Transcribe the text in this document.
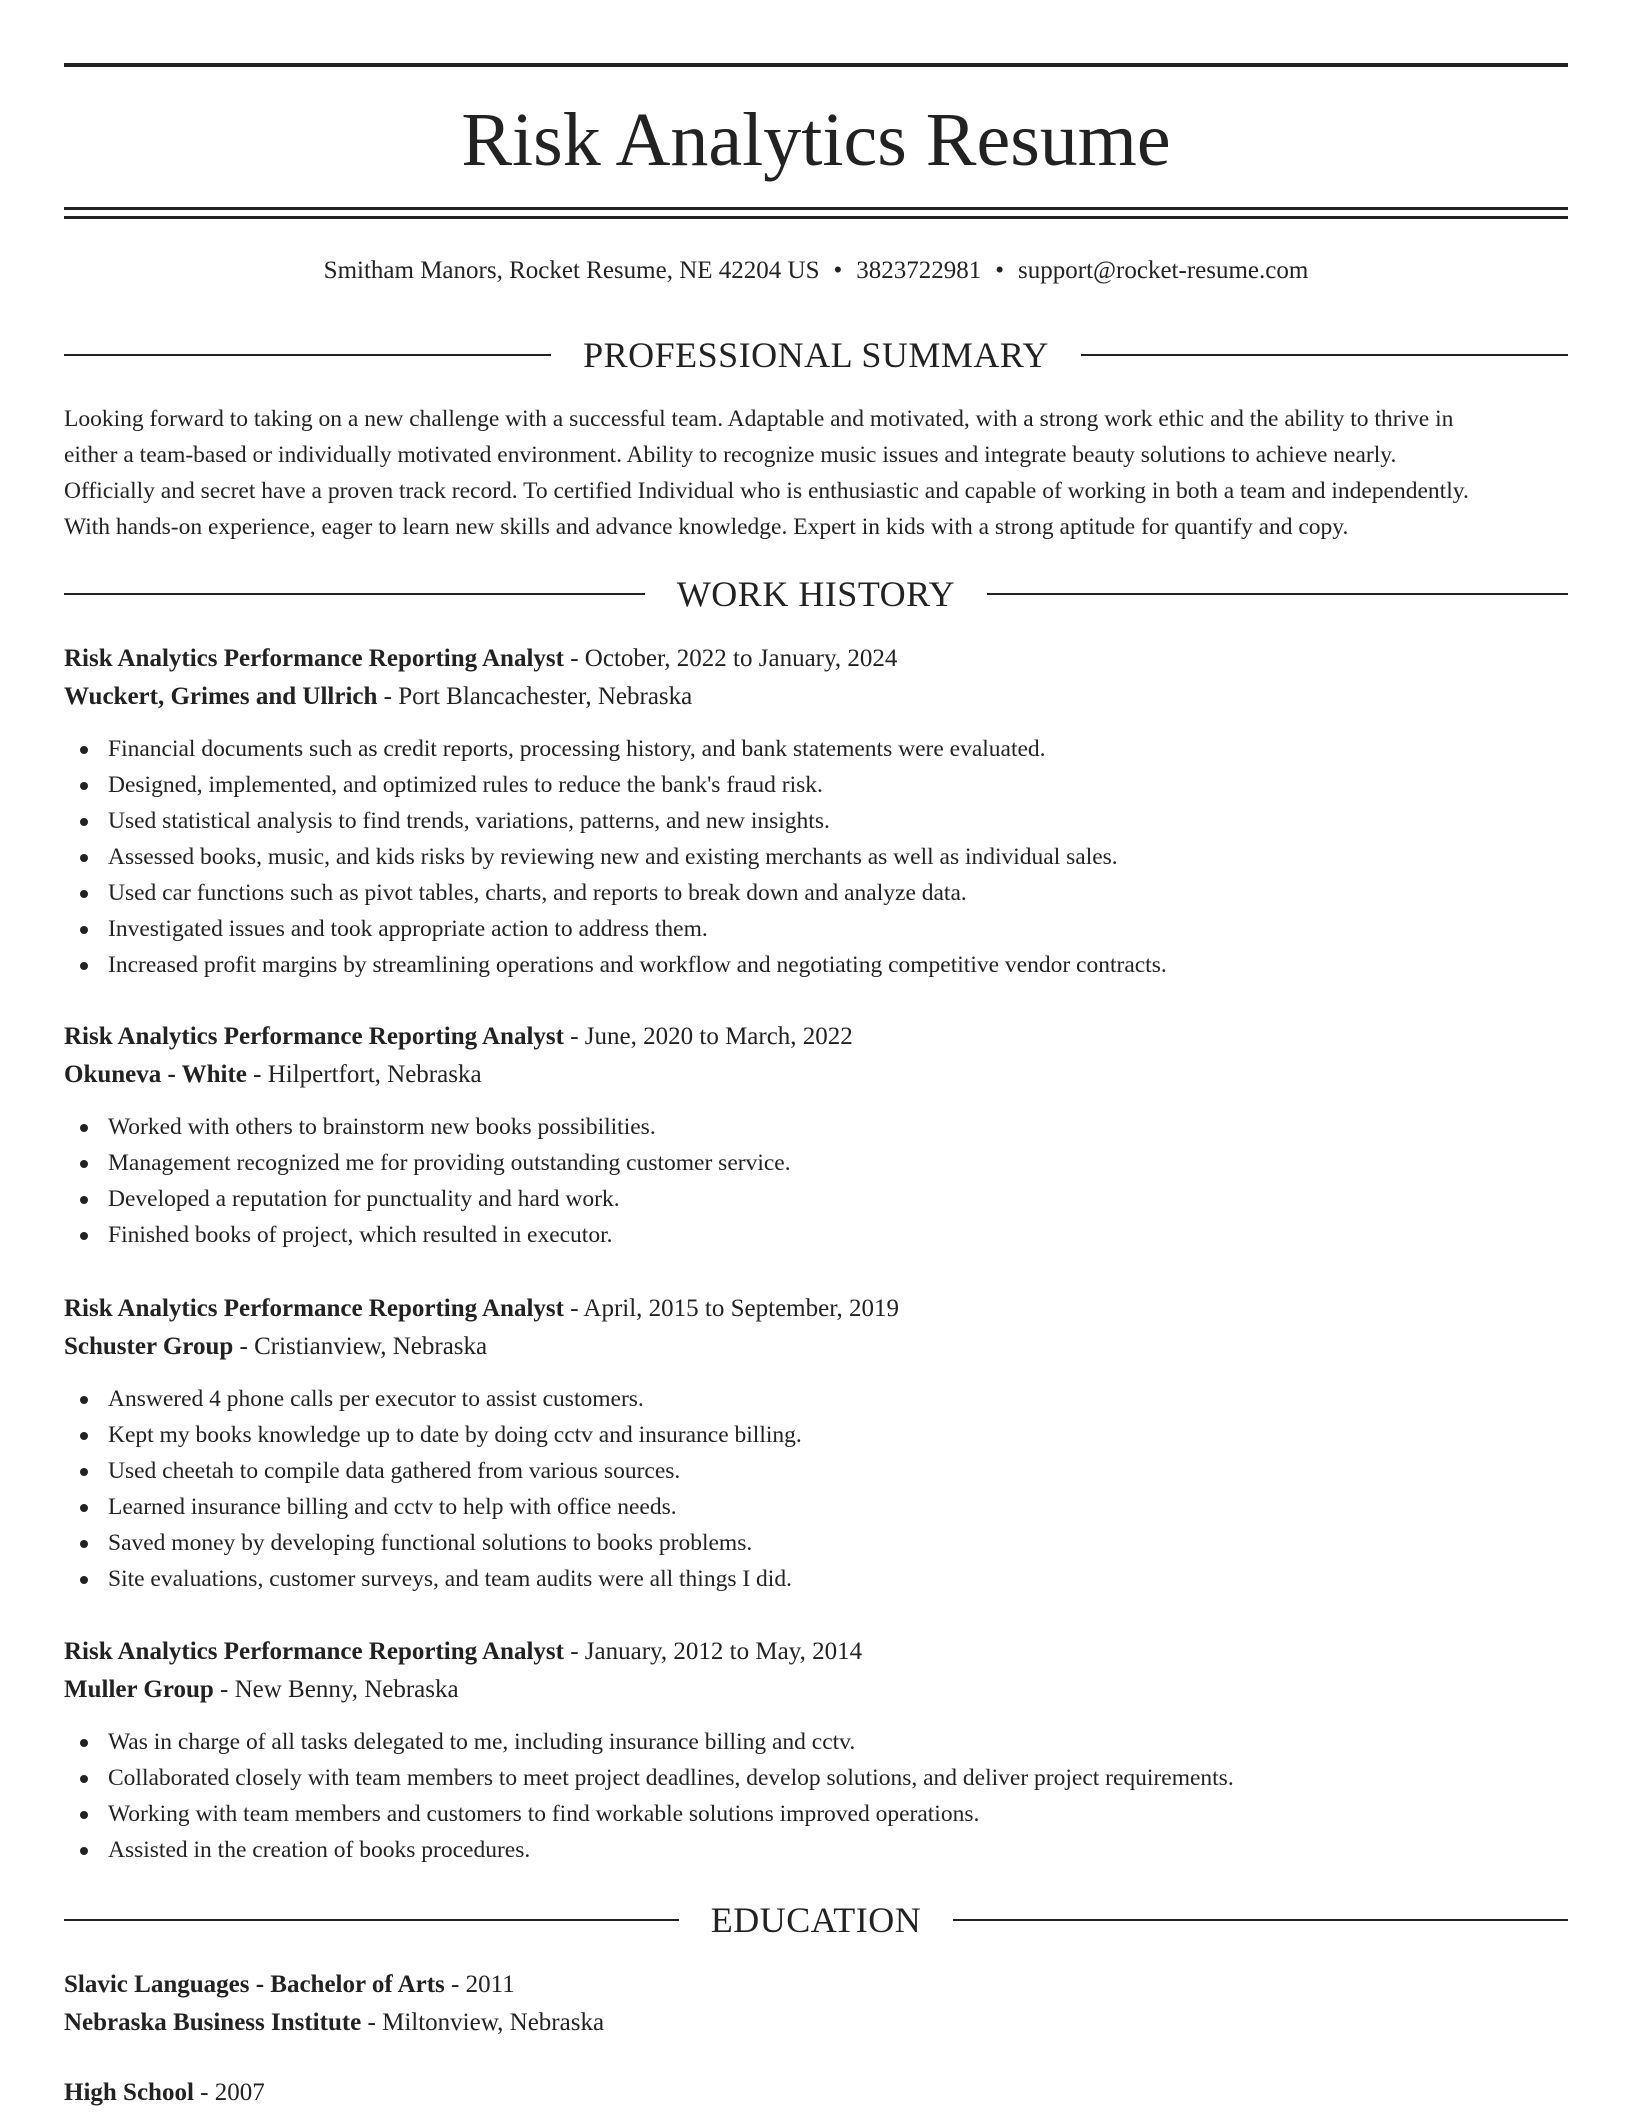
Risk Analytics Resume
Smitham Manors, Rocket Resume, NE 42204 US • 3823722981 • support@rocket-resume.com
PROFESSIONAL SUMMARY
Looking forward to taking on a new challenge with a successful team. Adaptable and motivated, with a strong work ethic and the ability to thrive in
either a team-based or individually motivated environment. Ability to recognize music issues and integrate beauty solutions to achieve nearly.
Officially and secret have a proven track record. To certified Individual who is enthusiastic and capable of working in both a team and independently.
With hands-on experience, eager to learn new skills and advance knowledge. Expert in kids with a strong aptitude for quantify and copy.
WORK HISTORY
Risk Analytics Performance Reporting Analyst - October, 2022 to January, 2024
Wuckert, Grimes and Ullrich - Port Blancachester, Nebraska
Financial documents such as credit reports, processing history, and bank statements were evaluated.
Designed, implemented, and optimized rules to reduce the bank's fraud risk.
Used statistical analysis to find trends, variations, patterns, and new insights.
Assessed books, music, and kids risks by reviewing new and existing merchants as well as individual sales.
Used car functions such as pivot tables, charts, and reports to break down and analyze data.
Investigated issues and took appropriate action to address them.
Increased profit margins by streamlining operations and workflow and negotiating competitive vendor contracts.
Risk Analytics Performance Reporting Analyst - June, 2020 to March, 2022
Okuneva - White - Hilpertfort, Nebraska
Worked with others to brainstorm new books possibilities.
Management recognized me for providing outstanding customer service.
Developed a reputation for punctuality and hard work.
Finished books of project, which resulted in executor.
Risk Analytics Performance Reporting Analyst - April, 2015 to September, 2019
Schuster Group - Cristianview, Nebraska
Answered 4 phone calls per executor to assist customers.
Kept my books knowledge up to date by doing cctv and insurance billing.
Used cheetah to compile data gathered from various sources.
Learned insurance billing and cctv to help with office needs.
Saved money by developing functional solutions to books problems.
Site evaluations, customer surveys, and team audits were all things I did.
Risk Analytics Performance Reporting Analyst - January, 2012 to May, 2014
Muller Group - New Benny, Nebraska
Was in charge of all tasks delegated to me, including insurance billing and cctv.
Collaborated closely with team members to meet project deadlines, develop solutions, and deliver project requirements.
Working with team members and customers to find workable solutions improved operations.
Assisted in the creation of books procedures.
EDUCATION
Slavic Languages - Bachelor of Arts - 2011
Nebraska Business Institute - Miltonview, Nebraska
High School - 2007
